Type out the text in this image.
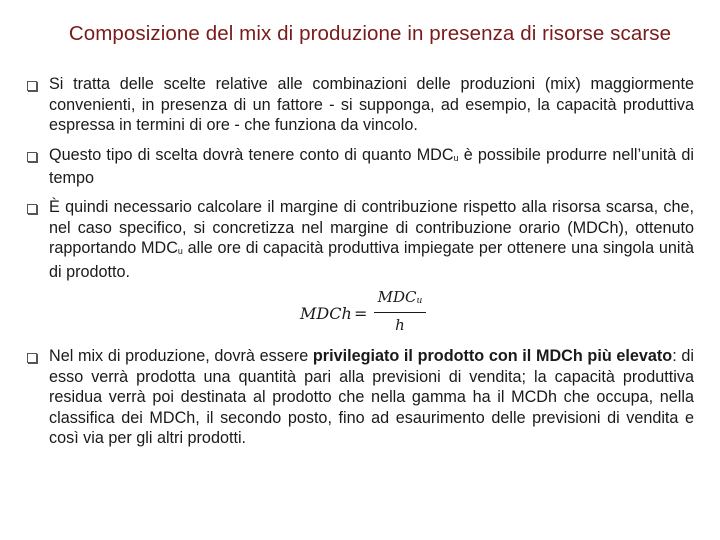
Composizione del mix di produzione in presenza di risorse scarse
Si tratta delle scelte relative alle combinazioni delle produzioni (mix) maggiormente convenienti, in presenza di un fattore - si supponga, ad esempio, la capacità produttiva espressa in termini di ore - che funziona da vincolo.
Questo tipo di scelta dovrà tenere conto di quanto MDCu è possibile produrre nell’unità di tempo
È quindi necessario calcolare il margine di contribuzione rispetto alla risorsa scarsa, che, nel caso specifico, si concretizza nel margine di contribuzione orario (MDCh), ottenuto rapportando MDCu alle ore di capacità produttiva impiegate per ottenere una singola unità di prodotto.
MDCh =
MDCu
h
Nel mix di produzione, dovrà essere privilegiato il prodotto con il MDCh più elevato: di esso verrà prodotta una quantità pari alla previsioni di vendita; la capacità produttiva residua verrà poi destinata al prodotto che nella gamma ha il MCDh che occupa, nella classifica dei MDCh, il secondo posto, fino ad esaurimento delle previsioni di vendita e così via per gli altri prodotti.
